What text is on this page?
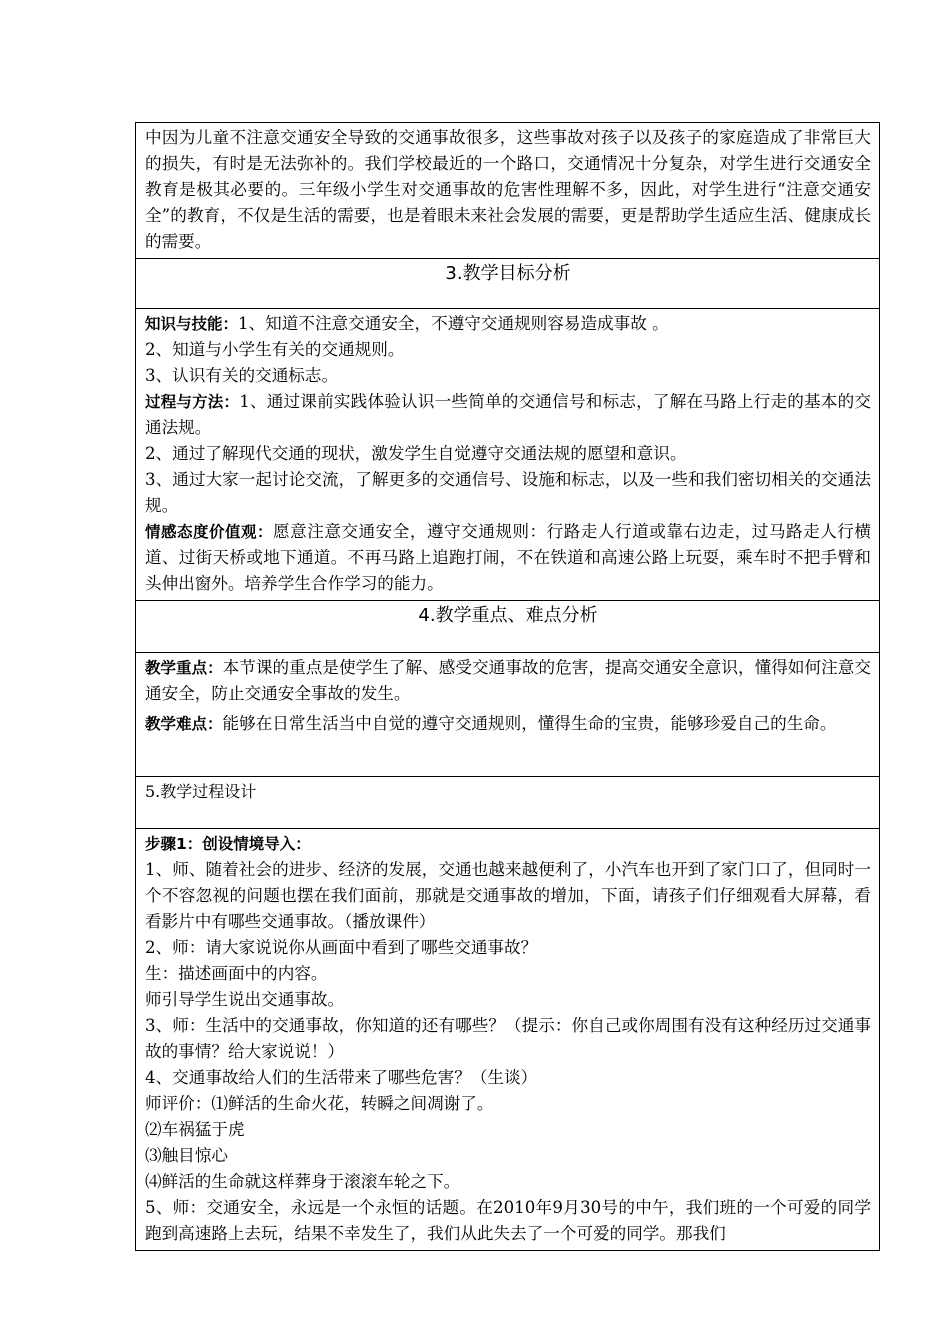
中因为儿童不注意交通安全导致的交通事故很多，这些事故对孩子以及孩子的家庭造成了非常巨大的损失，有时是无法弥补的。我们学校最近的一个路口，交通情况十分复杂，对学生进行交通安全教育是极其必要的。三年级小学生对交通事故的危害性理解不多，因此，对学生进行“注意交通安全”的教育，不仅是生活的需要，也是着眼未来社会发展的需要，更是帮助学生适应生活、健康成长的需要。
3.教学目标分析

知识与技能：1、知道不注意交通安全，不遵守交通规则容易造成事故 。
2、知道与小学生有关的交通规则。
3、认识有关的交通标志。
过程与方法：1、通过课前实践体验认识一些简单的交通信号和标志，了解在马路上行走的基本的交通法规。
2、通过了解现代交通的现状，激发学生自觉遵守交通法规的愿望和意识。
3、通过大家一起讨论交流，了解更多的交通信号、设施和标志，以及一些和我们密切相关的交通法规。
情感态度价值观：愿意注意交通安全，遵守交通规则：行路走人行道或靠右边走，过马路走人行横道、过街天桥或地下通道。不再马路上追跑打闹，不在铁道和高速公路上玩耍，乘车时不把手臂和头伸出窗外。培养学生合作学习的能力。

4.教学重点、难点分析

教学重点：本节课的重点是使学生了解、感受交通事故的危害，提高交通安全意识，懂得如何注意交通安全，防止交通安全事故的发生。
教学难点：能够在日常生活当中自觉的遵守交通规则，懂得生命的宝贵，能够珍爱自己的生命。

5.教学过程设计

步骤1：创设情境导入：
1、师、随着社会的进步、经济的发展，交通也越来越便利了，小汽车也开到了家门口了，但同时一个不容忽视的问题也摆在我们面前，那就是交通事故的增加，下面，请孩子们仔细观看大屏幕，看看影片中有哪些交通事故。（播放课件）
2、师：请大家说说你从画面中看到了哪些交通事故？
生：描述画面中的内容。
师引导学生说出交通事故。
3、师：生活中的交通事故，你知道的还有哪些？（提示：你自己或你周围有没有这种经历过交通事故的事情？给大家说说！）
4、交通事故给人们的生活带来了哪些危害？（生谈）
师评价：⑴鲜活的生命火花，转瞬之间凋谢了。
⑵车祸猛于虎
⑶触目惊心
⑷鲜活的生命就这样葬身于滚滚车轮之下。
5、师：交通安全，永远是一个永恒的话题。在2010年9月30号的中午，我们班的一个可爱的同学跑到高速路上去玩，结果不幸发生了，我们从此失去了一个可爱的同学。那我们
